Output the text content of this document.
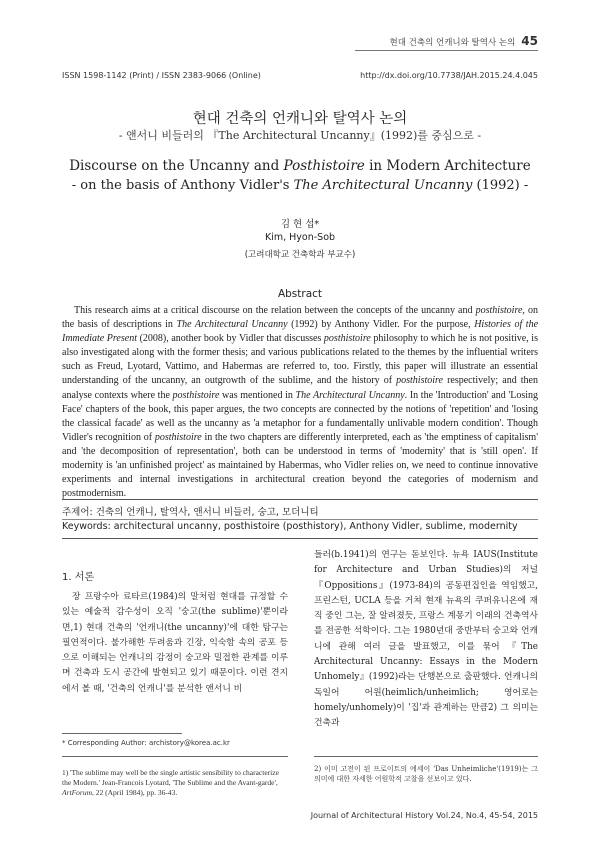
현대 건축의 언캐니와 탈역사 논의 45
ISSN 1598-1142 (Print) / ISSN 2383-9066 (Online)	http://dx.doi.org/10.7738/JAH.2015.24.4.045
현대 건축의 언캐니와 탈역사 논의
- 앤서니 비들러의 『The Architectural Uncanny』(1992)를 중심으로 -
Discourse on the Uncanny and Posthistoire in Modern Architecture
- on the basis of Anthony Vidler's The Architectural Uncanny (1992) -
김 현 섭*
Kim, Hyon-Sob
(고려대학교 건축학과 부교수)
Abstract
This research aims at a critical discourse on the relation between the concepts of the uncanny and posthistoire, on the basis of descriptions in The Architectural Uncanny (1992) by Anthony Vidler. For the purpose, Histories of the Immediate Present (2008), another book by Vidler that discusses posthistoire philosophy to which he is not positive, is also investigated along with the former thesis; and various publications related to the themes by the influential writers such as Freud, Lyotard, Vattimo, and Habermas are referred to, too. Firstly, this paper will illustrate an essential understanding of the uncanny, an outgrowth of the sublime, and the history of posthistoire respectively; and then analyse contexts where the posthistoire was mentioned in The Architectural Uncanny. In the 'Introduction' and 'Losing Face' chapters of the book, this paper argues, the two concepts are connected by the notions of 'repetition' and 'losing the classical facade' as well as the uncanny as 'a metaphor for a fundamentally unlivable modern condition'. Though Vidler's recognition of posthistoire in the two chapters are differently interpreted, each as 'the emptiness of capitalism' and 'the decomposition of representation', both can be understood in terms of 'modernity' that is 'still open'. If modernity is 'an unfinished project' as maintained by Habermas, who Vidler relies on, we need to continue innovative experiments and internal investigations in architectural creation beyond the categories of modernism and postmodernism.
주제어: 건축의 언캐니, 탈역사, 앤서니 비들러, 숭고, 모더니티
Keywords: architectural uncanny, posthistoire (posthistory), Anthony Vidler, sublime, modernity
1. 서론
장 프랑수아 료타르(1984)의 말처럼 현대를 규정할 수 있는 예술적 감수성이 오직 '숭고(the sublime)'뿐이라면,1) 현대 건축의 '언캐니(the uncanny)'에 대한 탐구는 필연적이다. 불가해한 두려움과 긴장, 익숙함 속의 공포 등으로 이해되는 언캐니의 감정이 숭고와 밀접한 관계를 이루며 건축과 도시 공간에 발현되고 있기 때문이다. 이런 견지에서 볼 때, '건축의 언캐니'를 분석한 앤서니 비
들러(b.1941)의 연구는 돋보인다. 뉴욕 IAUS(Institute for Architecture and Urban Studies)의 저널 『Oppositions』(1973-84)의 공동편집인을 역임했고, 프린스턴, UCLA 등을 거쳐 현재 뉴욕의 쿠퍼유니온에 재직 중인 그는, 잘 알려졌듯, 프랑스 계몽기 이래의 건축역사를 전공한 석학이다. 그는 1980년대 중반부터 숭고와 언캐니에 관해 여러 글을 발표했고, 이를 묶어 『The Architectural Uncanny: Essays in the Modern Unhomely』(1992)라는 단행본으로 출판했다. 언캐니의 독일어 어원(heimlich/unheimlich; 영어로는 homely/unhomely)이 '집'과 관계하는 만큼2) 그 의미는 건축과
* Corresponding Author: archistory@korea.ac.kr
1) 'The sublime may well be the single artistic sensibility to characterize the Modern.' Jean-Francois Lyotard, 'The Sublime and the Avant-garde', ArtForum, 22 (April 1984), pp. 36-43.
2) 이미 고전이 된 프로이트의 에세이 'Das Unheimliche'(1919)는 그 의미에 대한 자세한 어원학적 고찰을 선보이고 있다.
Journal of Architectural History Vol.24, No.4, 45-54, 2015
